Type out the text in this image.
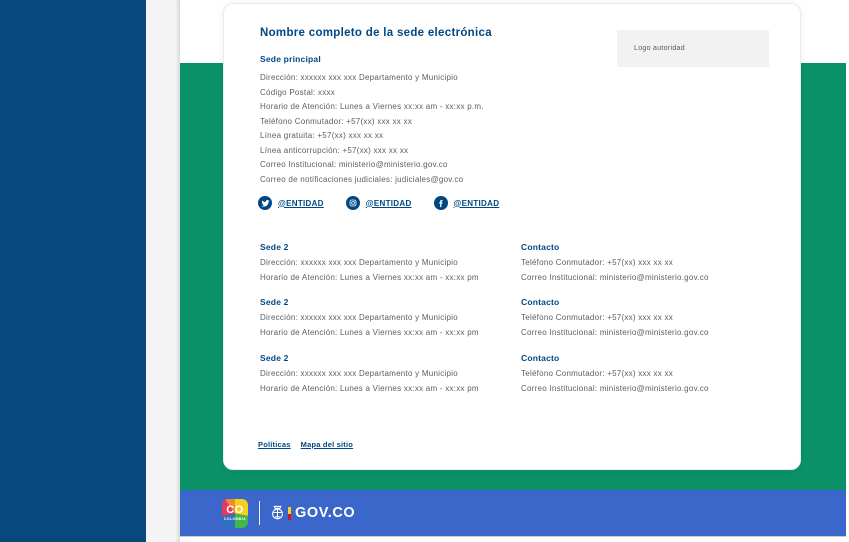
Nombre completo de la sede electrónica
Logo autoridad
Sede principal
Dirección: xxxxxx xxx xxx Departamento y Municipio
Código Postal: xxxx
Horario de Atención: Lunes a Viernes xx:xx am - xx:xx p.m.
Teléfono Conmutador: +57(xx) xxx xx xx
Línea gratuita: +57(xx) xxx xx xx
Línea anticorrupción: +57(xx) xxx xx xx
Correo Institucional: ministerio@ministerio.gov.co
Correo de notificaciones judiciales: judiciales@gov.co
@ENTIDAD	@ENTIDAD	@ENTIDAD
Sede 2
Dirección: xxxxxx xxx xxx Departamento y Municipio
Horario de Atención: Lunes a Viernes xx:xx am - xx:xx pm
Contacto
Teléfono Conmutador: +57(xx) xxx xx xx
Correo Institucional: ministerio@ministerio.gov.co
Sede 2
Dirección: xxxxxx xxx xxx Departamento y Municipio
Horario de Atención: Lunes a Viernes xx:xx am - xx:xx pm
Contacto
Teléfono Conmutador: +57(xx) xxx xx xx
Correo Institucional: ministerio@ministerio.gov.co
Sede 2
Dirección: xxxxxx xxx xxx Departamento y Municipio
Horario de Atención: Lunes a Viernes xx:xx am - xx:xx pm
Contacto
Teléfono Conmutador: +57(xx) xxx xx xx
Correo Institucional: ministerio@ministerio.gov.co
Políticas Mapa del sitio
CO
COLOMBIA	GOV.CO
